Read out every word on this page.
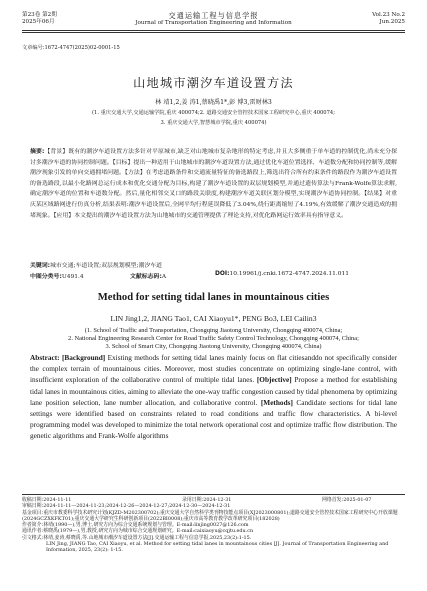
第23卷 第2期
2025年06月
交通运输工程与信息学报
Journal of Transportation Engineering and Information
Vol.23 No.2
Jun.2025
文章编号:1672-4747(2025)02-0001-15
山地城市潮汐车道设置方法
林 靖1,2,姜 涛1,蔡晓禹1*,彭 博3,雷财林3
(1. 重庆交通大学,交通运输学院,重庆 400074;2. 道路交通安全管控技术国家工程研究中心,重庆 400074;
3. 重庆交通大学,智慧城市学院,重庆 400074)
摘要:【背景】既有的潮汐车道设置方法多针对平原城市,缺乏对山地城市复杂地形的特定考虑,并且大多侧重于单车道的控制优化,尚未充分探讨多潮汐车道的协同控制问题。【目标】提出一种适用于山地城市的潮汐车道设置方法,通过优化车道位置选择、车道数分配和协同控制等,缓解潮汐现象引发的单向交通拥堵问题。【方法】在考虑道路条件和交通流量特征的备选路段上,筛选出符合所有约束条件的路段作为潮汐车道设置的备选路段,以最小化路网总运行成本和优化交通分配为目标,构建了潮汐车道设置的双层规划模型,并通过遗传算法与Frank-Wolfe算法求解,确定潮汐车道的位置和车道数分配。然后,量化相邻交叉口的路段关联度,构建潮汐车道关联区划分模型,实现潮汐车道协同控制。【结果】对重庆某区域路网进行仿真分析,结果表明:潮汐车道设置后,全网平均行程延误降低了3.04%,绕行距离缩短了4.19%,有效缓解了潮汐交通造成的拥堵现象。【应用】本文提出的潮汐车道设置方法为山地城市的交通管理提供了理论支持,对优化路网运行效率具有指导意义。
关键词:城市交通;车道设置;双层规划模型;潮汐车道
中图分类号:U491.4	文献标志码:A	DOI:10.19961/j.cnki.1672-4747.2024.11.011
Method for setting tidal lanes in mountainous cities
LIN Jing1,2, JIANG Tao1, CAI Xiaoyu1*, PENG Bo3, LEI Cailin3
(1. School of Traffic and Transportation, Chongqing Jiaotong University, Chongqing 400074, China;
2. National Engineering Research Center for Road Traffic Safety Control Technology, Chongqing 400074, China;
3. School of Smart City, Chongqing Jiaotong University, Chongqing 400074, China)
Abstract: [Background] Existing methods for setting tidal lanes mainly focus on flat citiesanddo not specifically consider the complex terrain of mountainous cities. Moreover, most studies concentrate on optimizing single-lane control, with insufficient exploration of the collaborative control of multiple tidal lanes. [Objective] Propose a method for establishing tidal lanes in mountainous cities, aiming to alleviate the one-way traffic congestion caused by tidal phenomena by optimizing lane position selection, lane number allocation, and collaborative control. [Methods] Candidate sections for tidal lane settings were identified based on constraints related to road conditions and traffic flow characteristics. A bi-level programming model was developed to minimize the total network operational cost and optimize traffic flow distribution. The genetic algorithms and Frank-Wolfe algorithms
收稿日期:2024-11-11	录用日期:2024-12-31	网络首发:2025-01-07
审稿日期:2024-11-11—2024-11-23;2024-12-26—2024-12-27;2024-12-30—2024-12-31
基金项目:重庆市教委科学技术研究计划(KJZD-M202300702);重庆交通大学自然科学类刊物技能点项目(XJ2023000801);道路交通安全管控技术国家工程研究中心开放课题(2024GCZXKFKT01);重庆交通大学研究生科研创新项目(2022BI0008);重庆市高等教育教学改革研究项目(182028)
作者简介:林靖(1990—),男,博士,研究方向为综合交通系统规划与管理。E-mail:linjing0027@126.com
通讯作者:蔡晓禹(1979—),男,教授,研究方向为城市综合交通规划研究。E-mail:caixiaoyu@cqjtu.edu.cn
引文格式:林靖,姜涛,蔡晓禹,等.山地城市潮汐车道设置方法[J].交通运输工程与信息学报,2025,23(2):1-15.
LIN Jing, JIANG Tao, CAI Xiaoyu, et al. Method for setting tidal lanes in mountainous cities [J]. Journal of Transportation Engineering and Information, 2025, 23(2): 1-15.
